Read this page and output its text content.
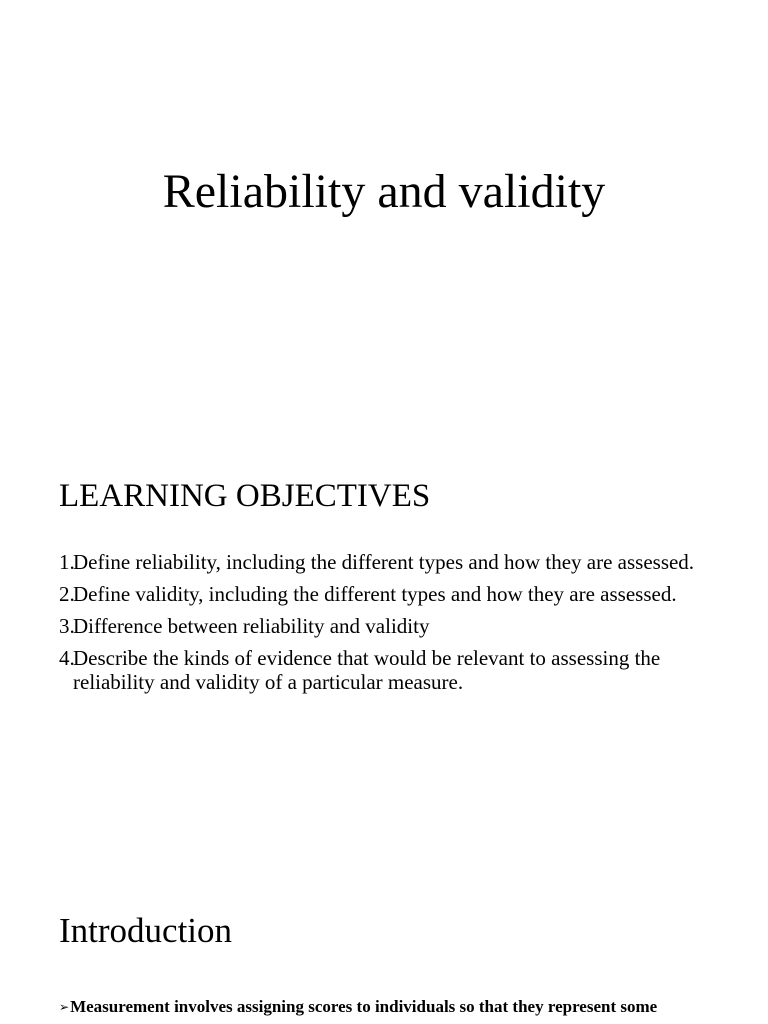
Reliability and validity
LEARNING OBJECTIVES
1.
Define reliability, including the different types and how they are assessed.
2.
Define validity, including the different types and how they are assessed.
3.
Difference between reliability and validity
4.
Describe the kinds of evidence that would be relevant to assessing the reliability and validity of a particular measure.
Introduction
➢Measurement involves assigning scores to individuals so that they represent some
